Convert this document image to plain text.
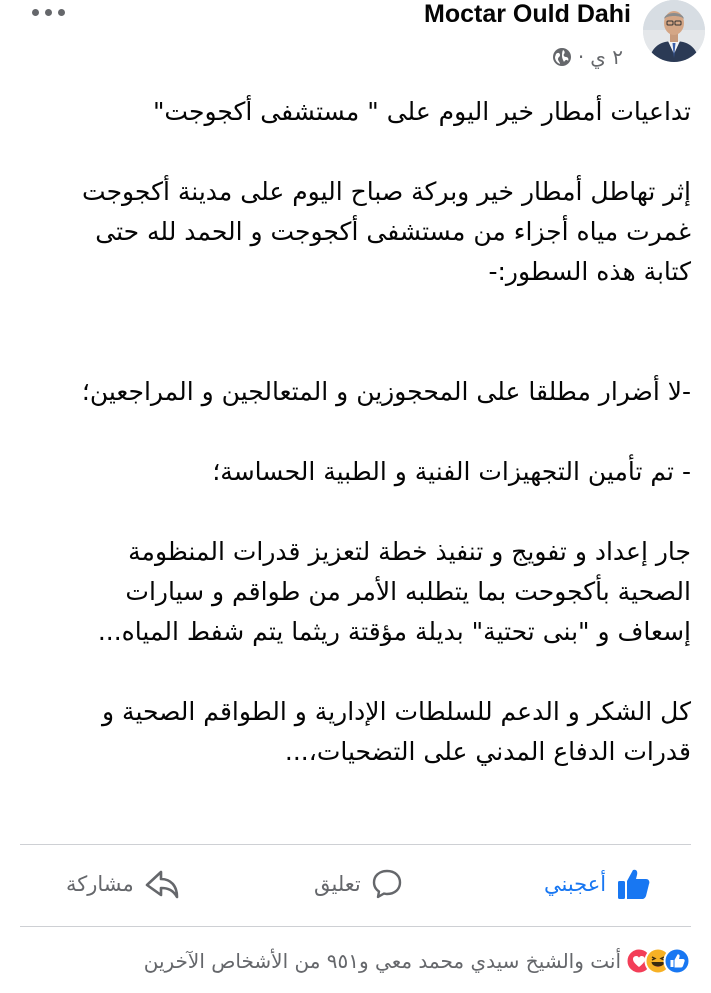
Moctar Ould Dahi
· ٢ ي

تداعيات أمطار خير اليوم على " مستشفى أكجوجت"

إثر تهاطل أمطار خير وبركة صباح اليوم على مدينة أكجوجت

غمرت مياه أجزاء من مستشفى أكجوجت و الحمد لله حتى

كتابة هذه السطور:-

-لا أضرار مطلقا على المحجوزين و المتعالجين و المراجعين؛

- تم تأمين التجهيزات الفنية و الطبية الحساسة؛

جار إعداد و تفويج و تنفيذ خطة لتعزيز قدرات المنظومة

الصحية بأكجوحت بما يتطلبه الأمر من طواقم و سيارات

إسعاف و "بنى تحتية" بديلة مؤقتة ريثما يتم شفط المياه...

كل الشكر و الدعم للسلطات الإدارية و الطواقم الصحية و

قدرات الدفاع المدني على التضحيات،...

مشاركة	تعليق	أعجبني
أنت والشيخ سيدي محمد معي و٩٥١ من الأشخاص الآخرين
